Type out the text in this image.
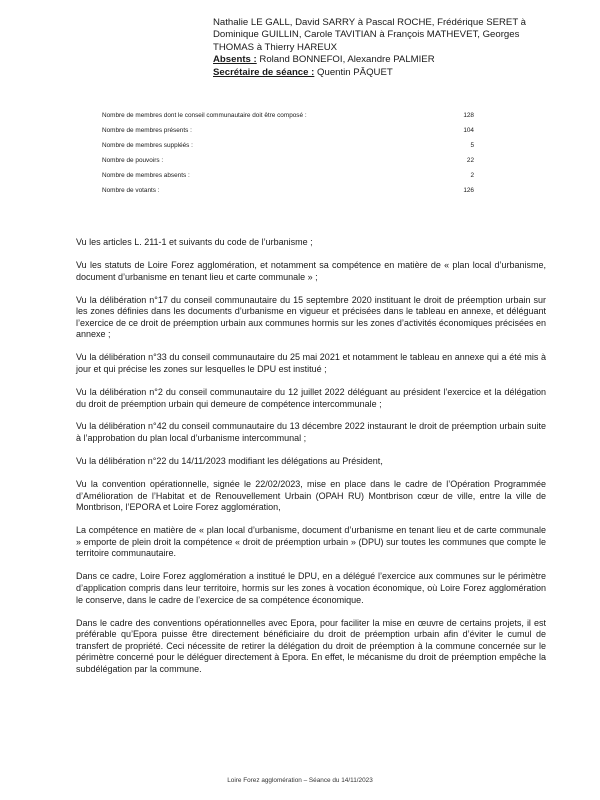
Nathalie LE GALL, David SARRY à Pascal ROCHE, Frédérique SERET à

Dominique GUILLIN, Carole TAVITIAN à François MATHEVET, Georges

THOMAS à Thierry HAREUX

Absents : Roland BONNEFOI, Alexandre PALMIER

Secrétaire de séance : Quentin PÂQUET

Nombre de membres dont le conseil communautaire doit être composé :	128
Nombre de membres présents :	104
Nombre de membres suppléés :	5
Nombre de pouvoirs :	22
Nombre de membres absents :	2
Nombre de votants :	126

Vu les articles L. 211-1 et suivants du code de l’urbanisme ;

Vu les statuts de Loire Forez agglomération, et notamment sa compétence en matière de « plan local d’urbanisme, document d’urbanisme en tenant lieu et carte communale » ;

Vu la délibération n°17 du conseil communautaire du 15 septembre 2020 instituant le droit de préemption urbain sur les zones définies dans les documents d’urbanisme en vigueur et précisées dans le tableau en annexe, et déléguant l’exercice de ce droit de préemption urbain aux communes hormis sur les zones d’activités économiques précisées en annexe ;

Vu la délibération n°33 du conseil communautaire du 25 mai 2021 et notamment le tableau en annexe qui a été mis à jour et qui précise les zones sur lesquelles le DPU est institué ;

Vu la délibération n°2 du conseil communautaire du 12 juillet 2022 déléguant au président l’exercice et la délégation du droit de préemption urbain qui demeure de compétence intercommunale ;

Vu la délibération n°42 du conseil communautaire du 13 décembre 2022 instaurant le droit de préemption urbain suite à l’approbation du plan local d’urbanisme intercommunal ;

Vu la délibération n°22 du 14/11/2023 modifiant les délégations au Président,

Vu la convention opérationnelle, signée le 22/02/2023, mise en place dans le cadre de l’Opération Programmée d’Amélioration de l’Habitat et de Renouvellement Urbain (OPAH RU) Montbrison cœur de ville, entre la ville de Montbrison, l’EPORA et Loire Forez agglomération,

La compétence en matière de « plan local d’urbanisme, document d’urbanisme en tenant lieu et de carte communale » emporte de plein droit la compétence « droit de préemption urbain » (DPU) sur toutes les communes que compte le territoire communautaire.

Dans ce cadre, Loire Forez agglomération a institué le DPU, en a délégué l’exercice aux communes sur le périmètre d’application compris dans leur territoire, hormis sur les zones à vocation économique, où Loire Forez agglomération le conserve, dans le cadre de l’exercice de sa compétence économique.

Dans le cadre des conventions opérationnelles avec Epora, pour faciliter la mise en œuvre de certains projets, il est préférable qu’Epora puisse être directement bénéficiaire du droit de préemption urbain afin d’éviter le cumul de transfert de propriété. Ceci nécessite de retirer la délégation du droit de préemption à la commune concernée sur le périmètre concerné pour le déléguer directement à Epora. En effet, le mécanisme du droit de préemption empêche la subdélégation par la commune.

Loire Forez agglomération – Séance du 14/11/2023
